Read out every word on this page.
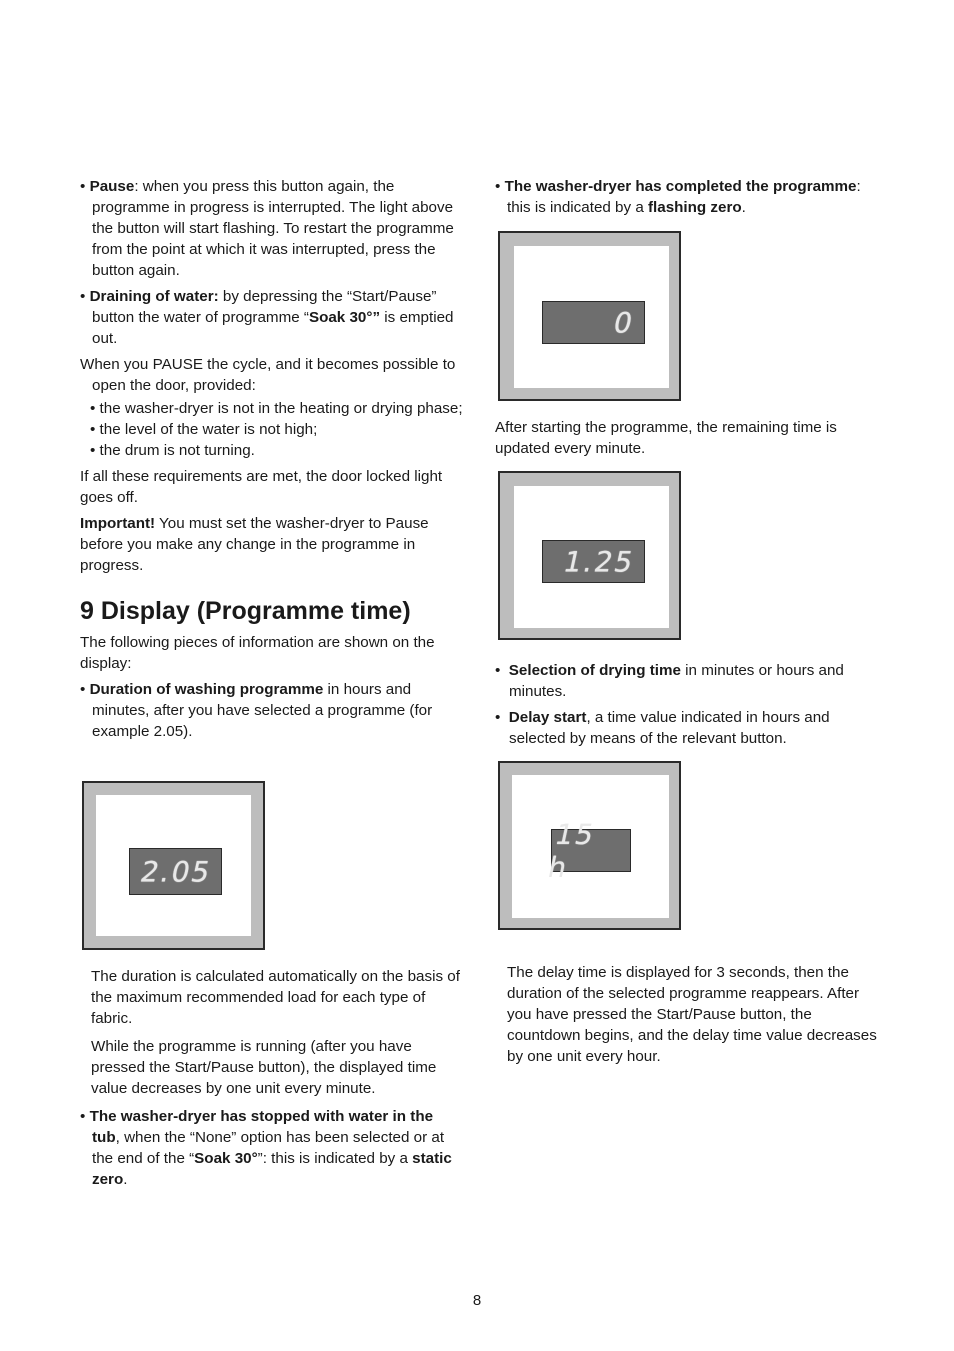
• Pause: when you press this button again, the programme in progress is interrupted. The light above the button will start flashing. To restart the programme from the point at which it was interrupted, press the button again.

• Draining of water: by depressing the “Start/Pause” button the water of programme “Soak 30°” is emptied out.

When you PAUSE the cycle, and it becomes possible to open the door, provided:

• the washer-dryer is not in the heating or drying phase;

• the level of the water is not high;

• the drum is not turning.

If all these requirements are met, the door locked light goes off.

Important! You must set the washer-dryer to Pause before you make any change in the programme in progress.

9 Display (Programme time)

The following pieces of information are shown on the display:

• Duration of washing programme in hours and minutes, after you have selected a programme (for example 2.05).

2.05

The duration is calculated automatically on the basis of the maximum recommended load for each type of fabric.

While the programme is running (after you have pressed the Start/Pause button), the displayed time value decreases by one unit every minute.

• The washer-dryer has stopped with water in the tub, when the “None” option has been selected or at the end of the “Soak 30°”: this is indicated by a static zero.

• The washer-dryer has completed the programme: this is indicated by a flashing zero.

0

After starting the programme, the remaining time is updated every minute.

1.25

• Selection of drying time in minutes or hours and minutes.

• Delay start, a time value indicated in hours and selected by means of the relevant button.

15 h

The delay time is displayed for 3 seconds, then the duration of the selected programme reappears. After you have pressed the Start/Pause button, the countdown begins, and the delay time value decreases by one unit every hour.

8
